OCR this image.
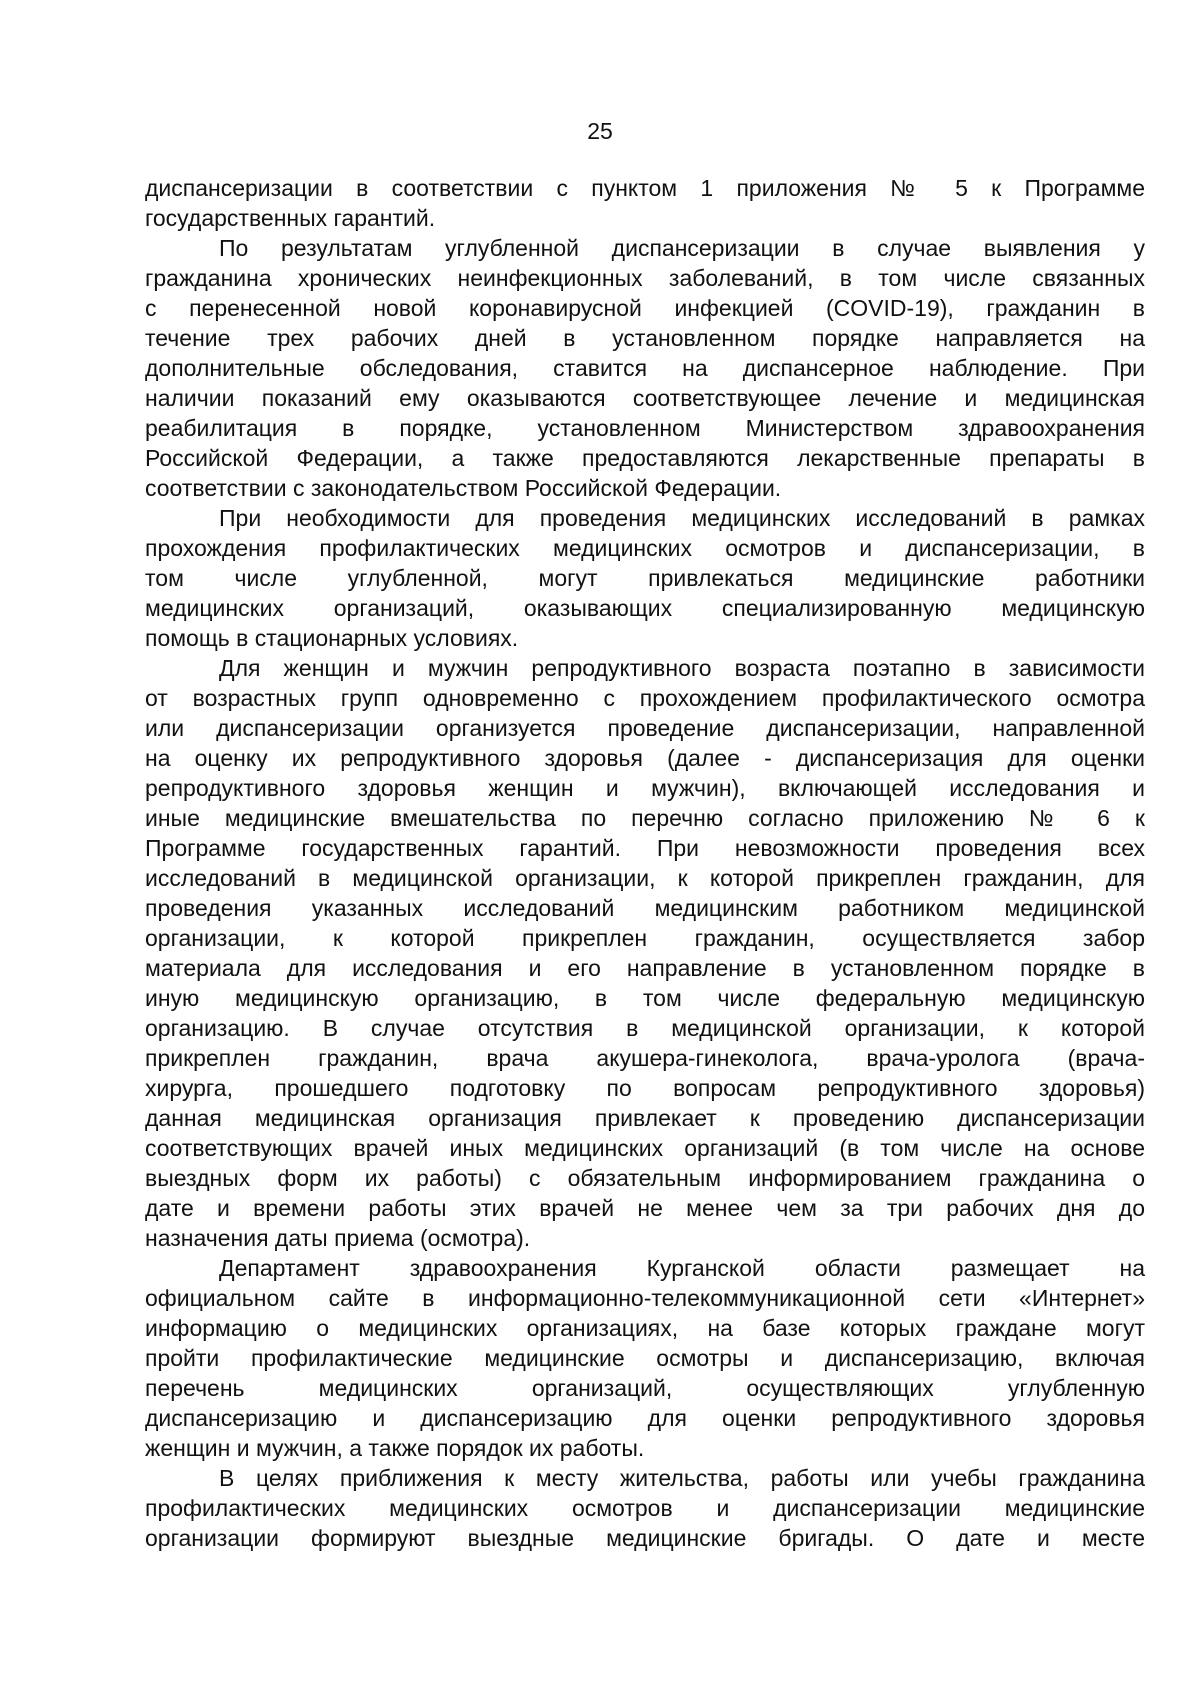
25
диспансеризации в соответствии с пунктом 1 приложения № 5 к Программе
государственных гарантий.
По результатам углубленной диспансеризации в случае выявления у
гражданина хронических неинфекционных заболеваний, в том числе связанных
с перенесенной новой коронавирусной инфекцией (COVID-19), гражданин в
течение трех рабочих дней в установленном порядке направляется на
дополнительные обследования, ставится на диспансерное наблюдение. При
наличии показаний ему оказываются соответствующее лечение и медицинская
реабилитация в порядке, установленном Министерством здравоохранения
Российской Федерации, а также предоставляются лекарственные препараты в
соответствии с законодательством Российской Федерации.
При необходимости для проведения медицинских исследований в рамках
прохождения профилактических медицинских осмотров и диспансеризации, в
том числе углубленной, могут привлекаться медицинские работники
медицинских организаций, оказывающих специализированную медицинскую
помощь в стационарных условиях.
Для женщин и мужчин репродуктивного возраста поэтапно в зависимости
от возрастных групп одновременно с прохождением профилактического осмотра
или диспансеризации организуется проведение диспансеризации, направленной
на оценку их репродуктивного здоровья (далее - диспансеризация для оценки
репродуктивного здоровья женщин и мужчин), включающей исследования и
иные медицинские вмешательства по перечню согласно приложению № 6 к
Программе государственных гарантий. При невозможности проведения всех
исследований в медицинской организации, к которой прикреплен гражданин, для
проведения указанных исследований медицинским работником медицинской
организации, к которой прикреплен гражданин, осуществляется забор
материала для исследования и его направление в установленном порядке в
иную медицинскую организацию, в том числе федеральную медицинскую
организацию. В случае отсутствия в медицинской организации, к которой
прикреплен гражданин, врача акушера-гинеколога, врача-уролога (врача-
хирурга, прошедшего подготовку по вопросам репродуктивного здоровья)
данная медицинская организация привлекает к проведению диспансеризации
соответствующих врачей иных медицинских организаций (в том числе на основе
выездных форм их работы) с обязательным информированием гражданина о
дате и времени работы этих врачей не менее чем за три рабочих дня до
назначения даты приема (осмотра).
Департамент здравоохранения Курганской области размещает на
официальном сайте в информационно-телекоммуникационной сети «Интернет»
информацию о медицинских организациях, на базе которых граждане могут
пройти профилактические медицинские осмотры и диспансеризацию, включая
перечень медицинских организаций, осуществляющих углубленную
диспансеризацию и диспансеризацию для оценки репродуктивного здоровья
женщин и мужчин, а также порядок их работы.
В целях приближения к месту жительства, работы или учебы гражданина
профилактических медицинских осмотров и диспансеризации медицинские
организации формируют выездные медицинские бригады. О дате и месте
